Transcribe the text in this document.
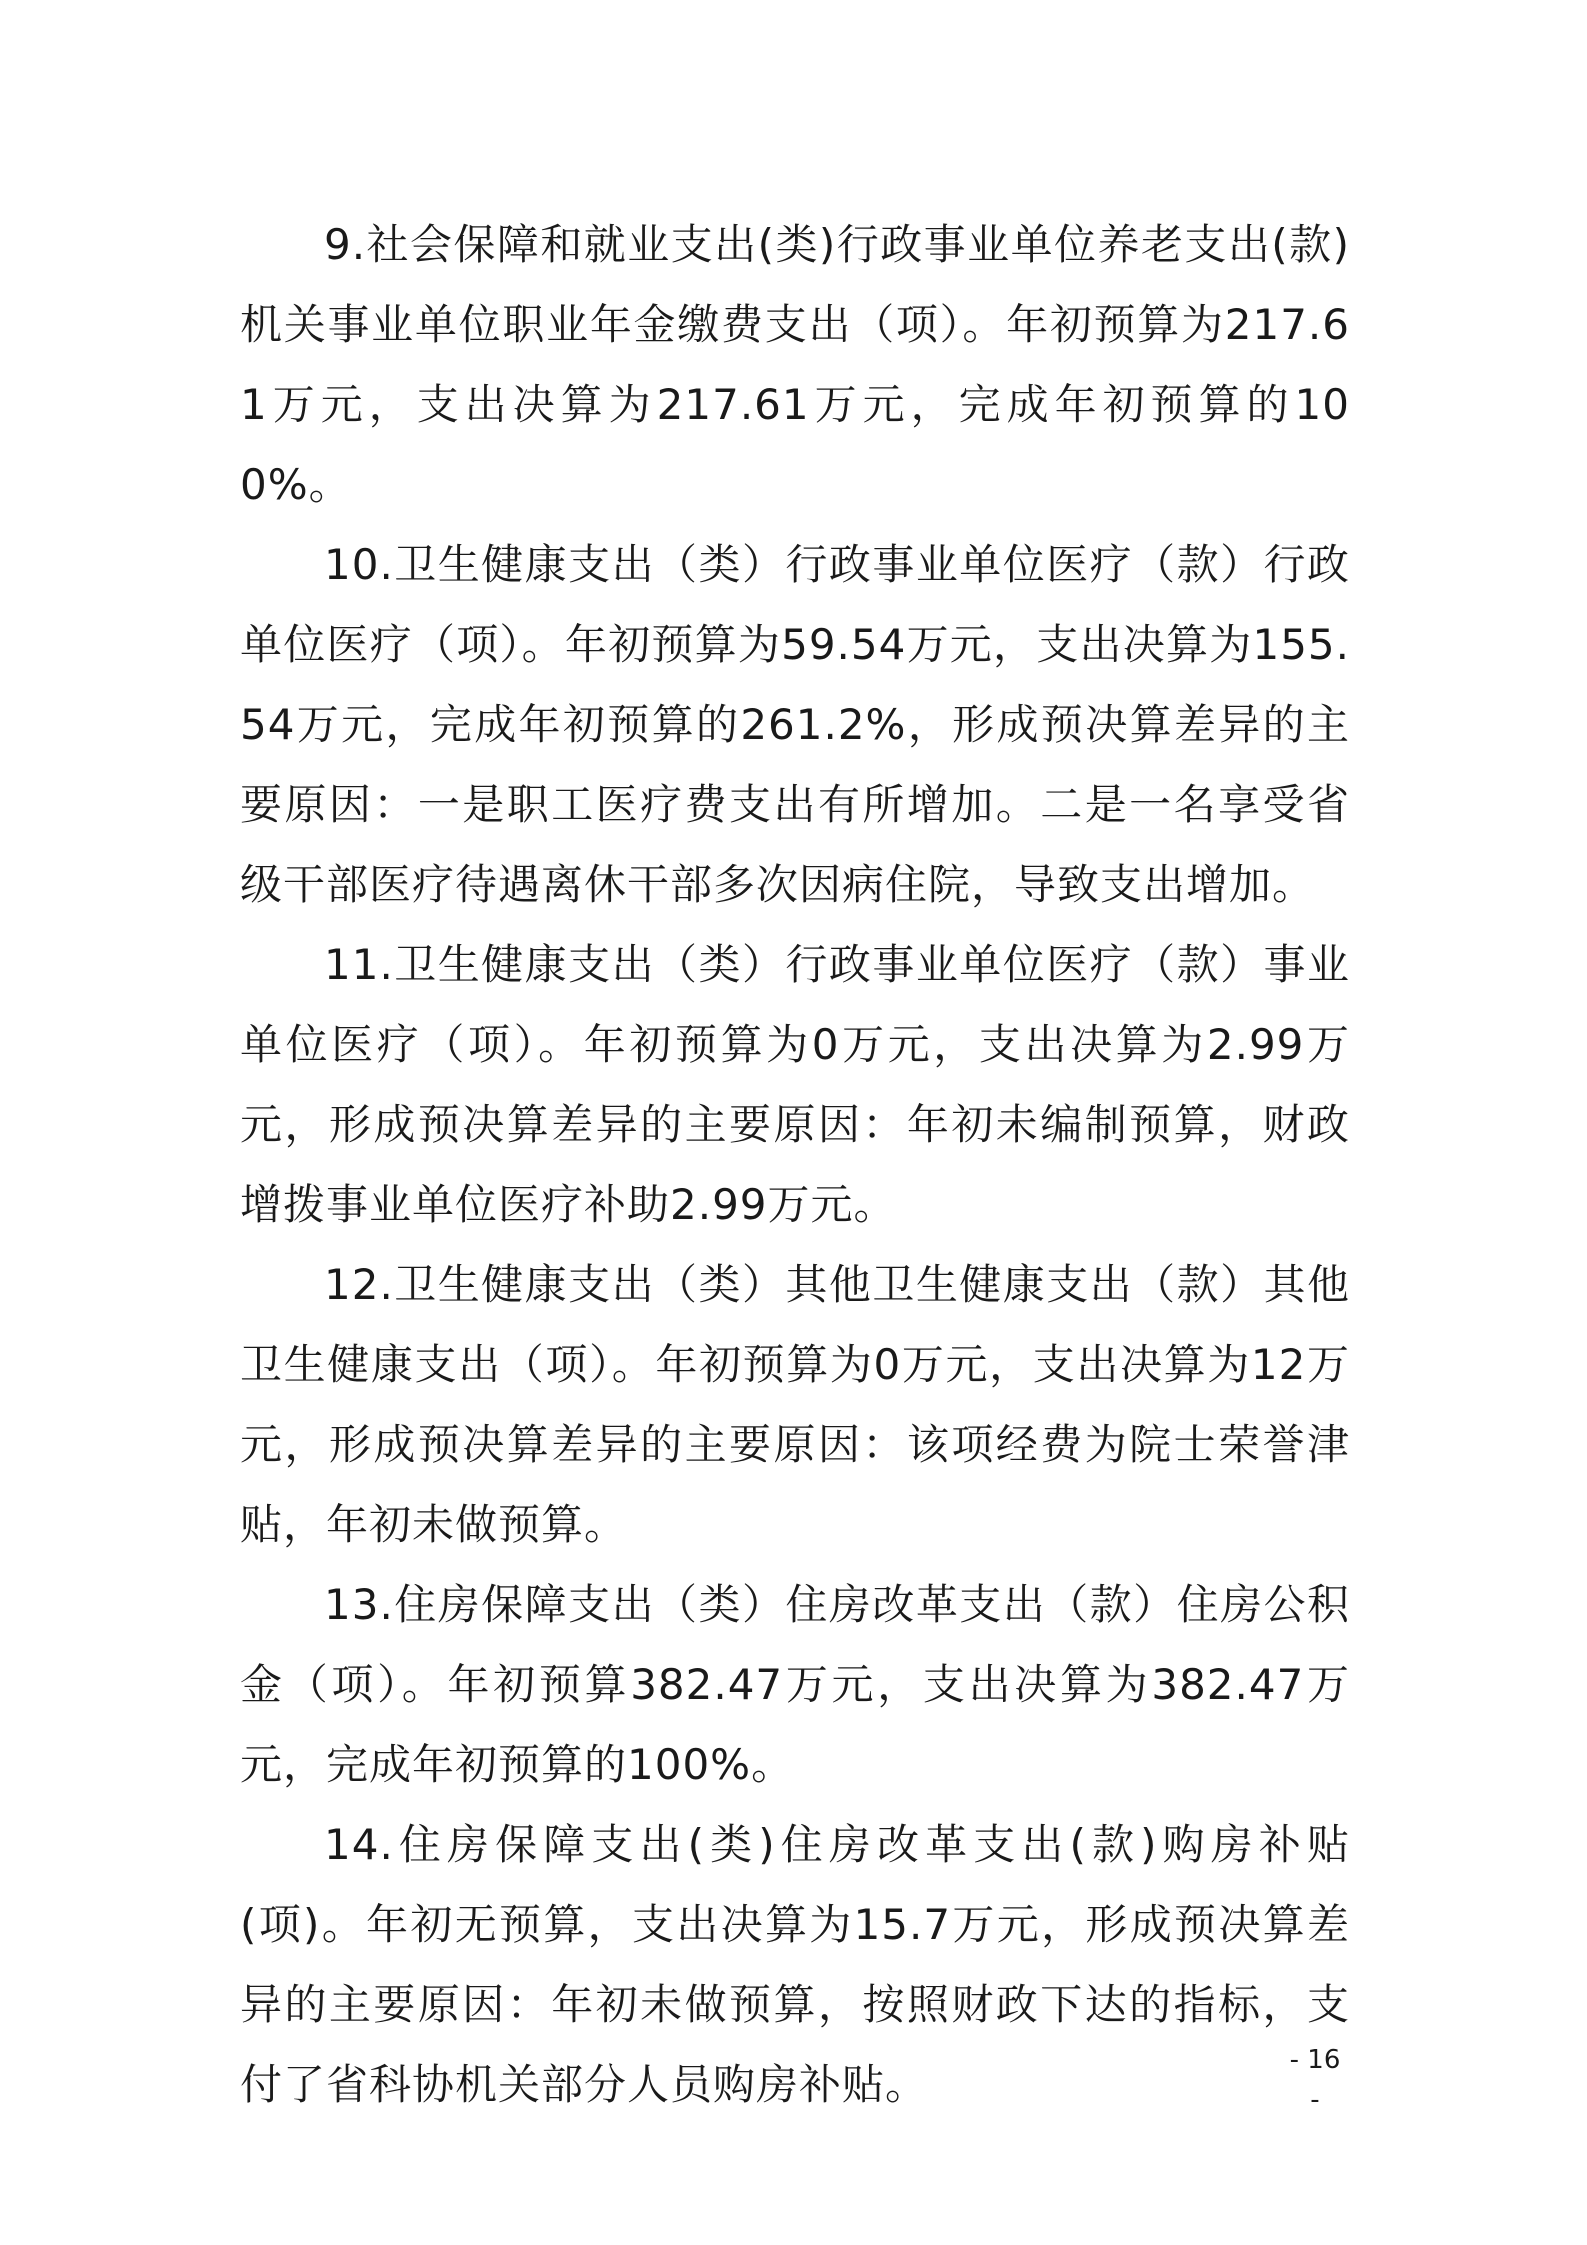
9.社会保障和就业支出(类)行政事业单位养老支出(款)机关事业单位职业年金缴费支出（项）。年初预算为217.61万元，支出决算为217.61万元，完成年初预算的100%。

10.卫生健康支出（类）行政事业单位医疗（款）行政单位医疗（项）。年初预算为59.54万元，支出决算为155.54万元，完成年初预算的261.2%，形成预决算差异的主要原因：一是职工医疗费支出有所增加。二是一名享受省级干部医疗待遇离休干部多次因病住院，导致支出增加。

11.卫生健康支出（类）行政事业单位医疗（款）事业单位医疗（项）。年初预算为0万元，支出决算为2.99万元，形成预决算差异的主要原因：年初未编制预算，财政增拨事业单位医疗补助2.99万元。

12.卫生健康支出（类）其他卫生健康支出（款）其他卫生健康支出（项）。年初预算为0万元，支出决算为12万元，形成预决算差异的主要原因：该项经费为院士荣誉津贴，年初未做预算。

13.住房保障支出（类）住房改革支出（款）住房公积金（项）。年初预算382.47万元，支出决算为382.47万元，完成年初预算的100%。

14.住房保障支出(类)住房改革支出(款)购房补贴(项)。年初无预算，支出决算为15.7万元，形成预决算差异的主要原因：年初未做预算，按照财政下达的指标，支付了省科协机关部分人员购房补贴。	- 16 -
